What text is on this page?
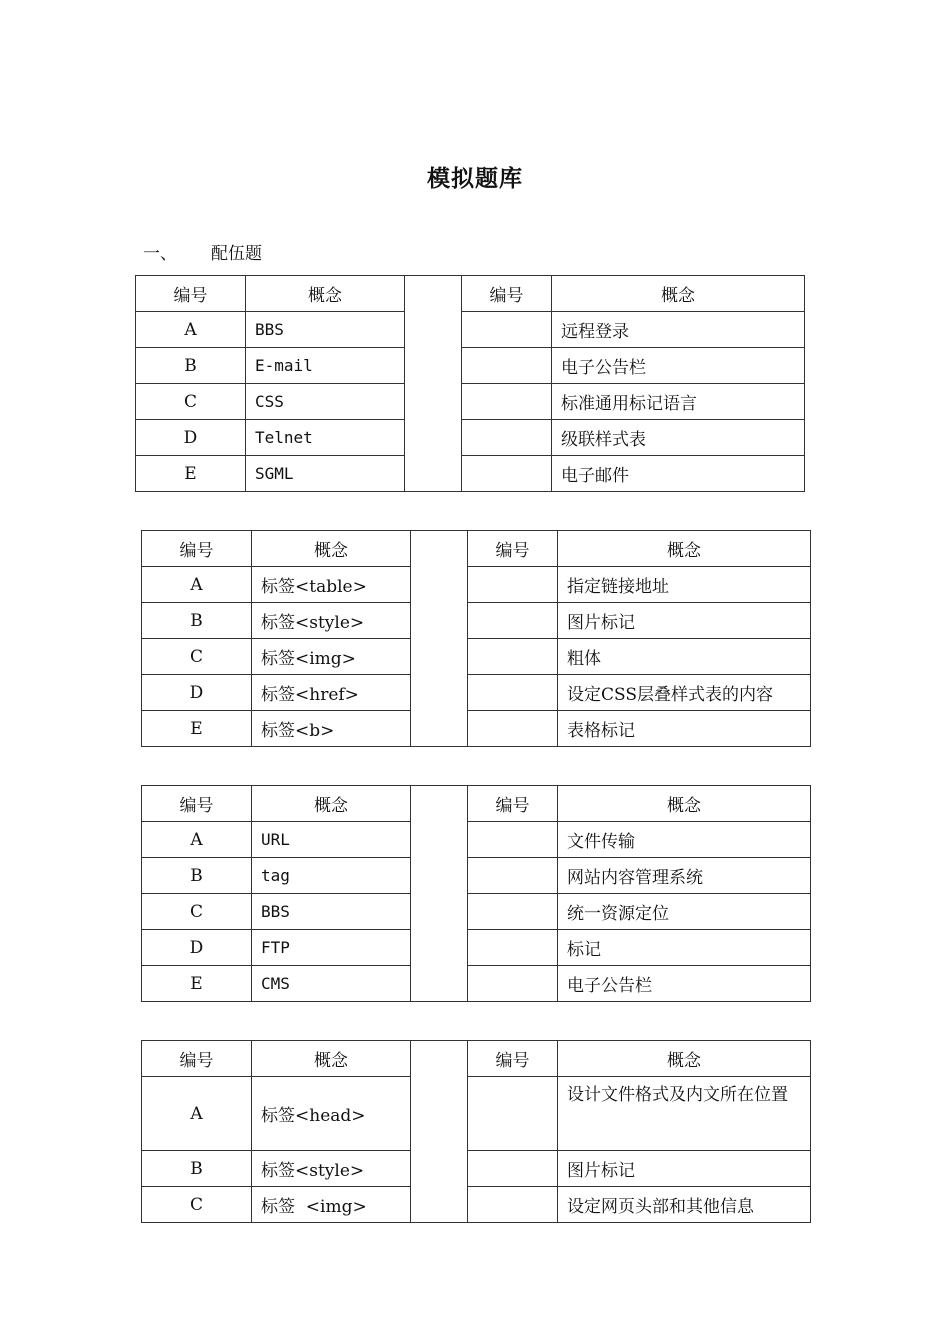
模拟题库
一、 配伍题
编号	概念		编号	概念
A	BBS			远程登录
B	E-mail			电子公告栏
C	CSS			标准通用标记语言
D	Telnet			级联样式表
E	SGML			电子邮件
编号	概念		编号	概念
A	标签<table>			指定链接地址
B	标签<style>			图片标记
C	标签<img>			粗体
D	标签<href>			设定CSS层叠样式表的内容
E	标签<b>			表格标记
编号	概念		编号	概念
A	URL			文件传输
B	tag			网站内容管理系统
C	BBS			统一资源定位
D	FTP			标记
E	CMS			电子公告栏
编号	概念		编号	概念
A	标签<head>			设计文件格式及内文所在位置
B	标签<style>			图片标记
C	标签  <img>			设定网页头部和其他信息
